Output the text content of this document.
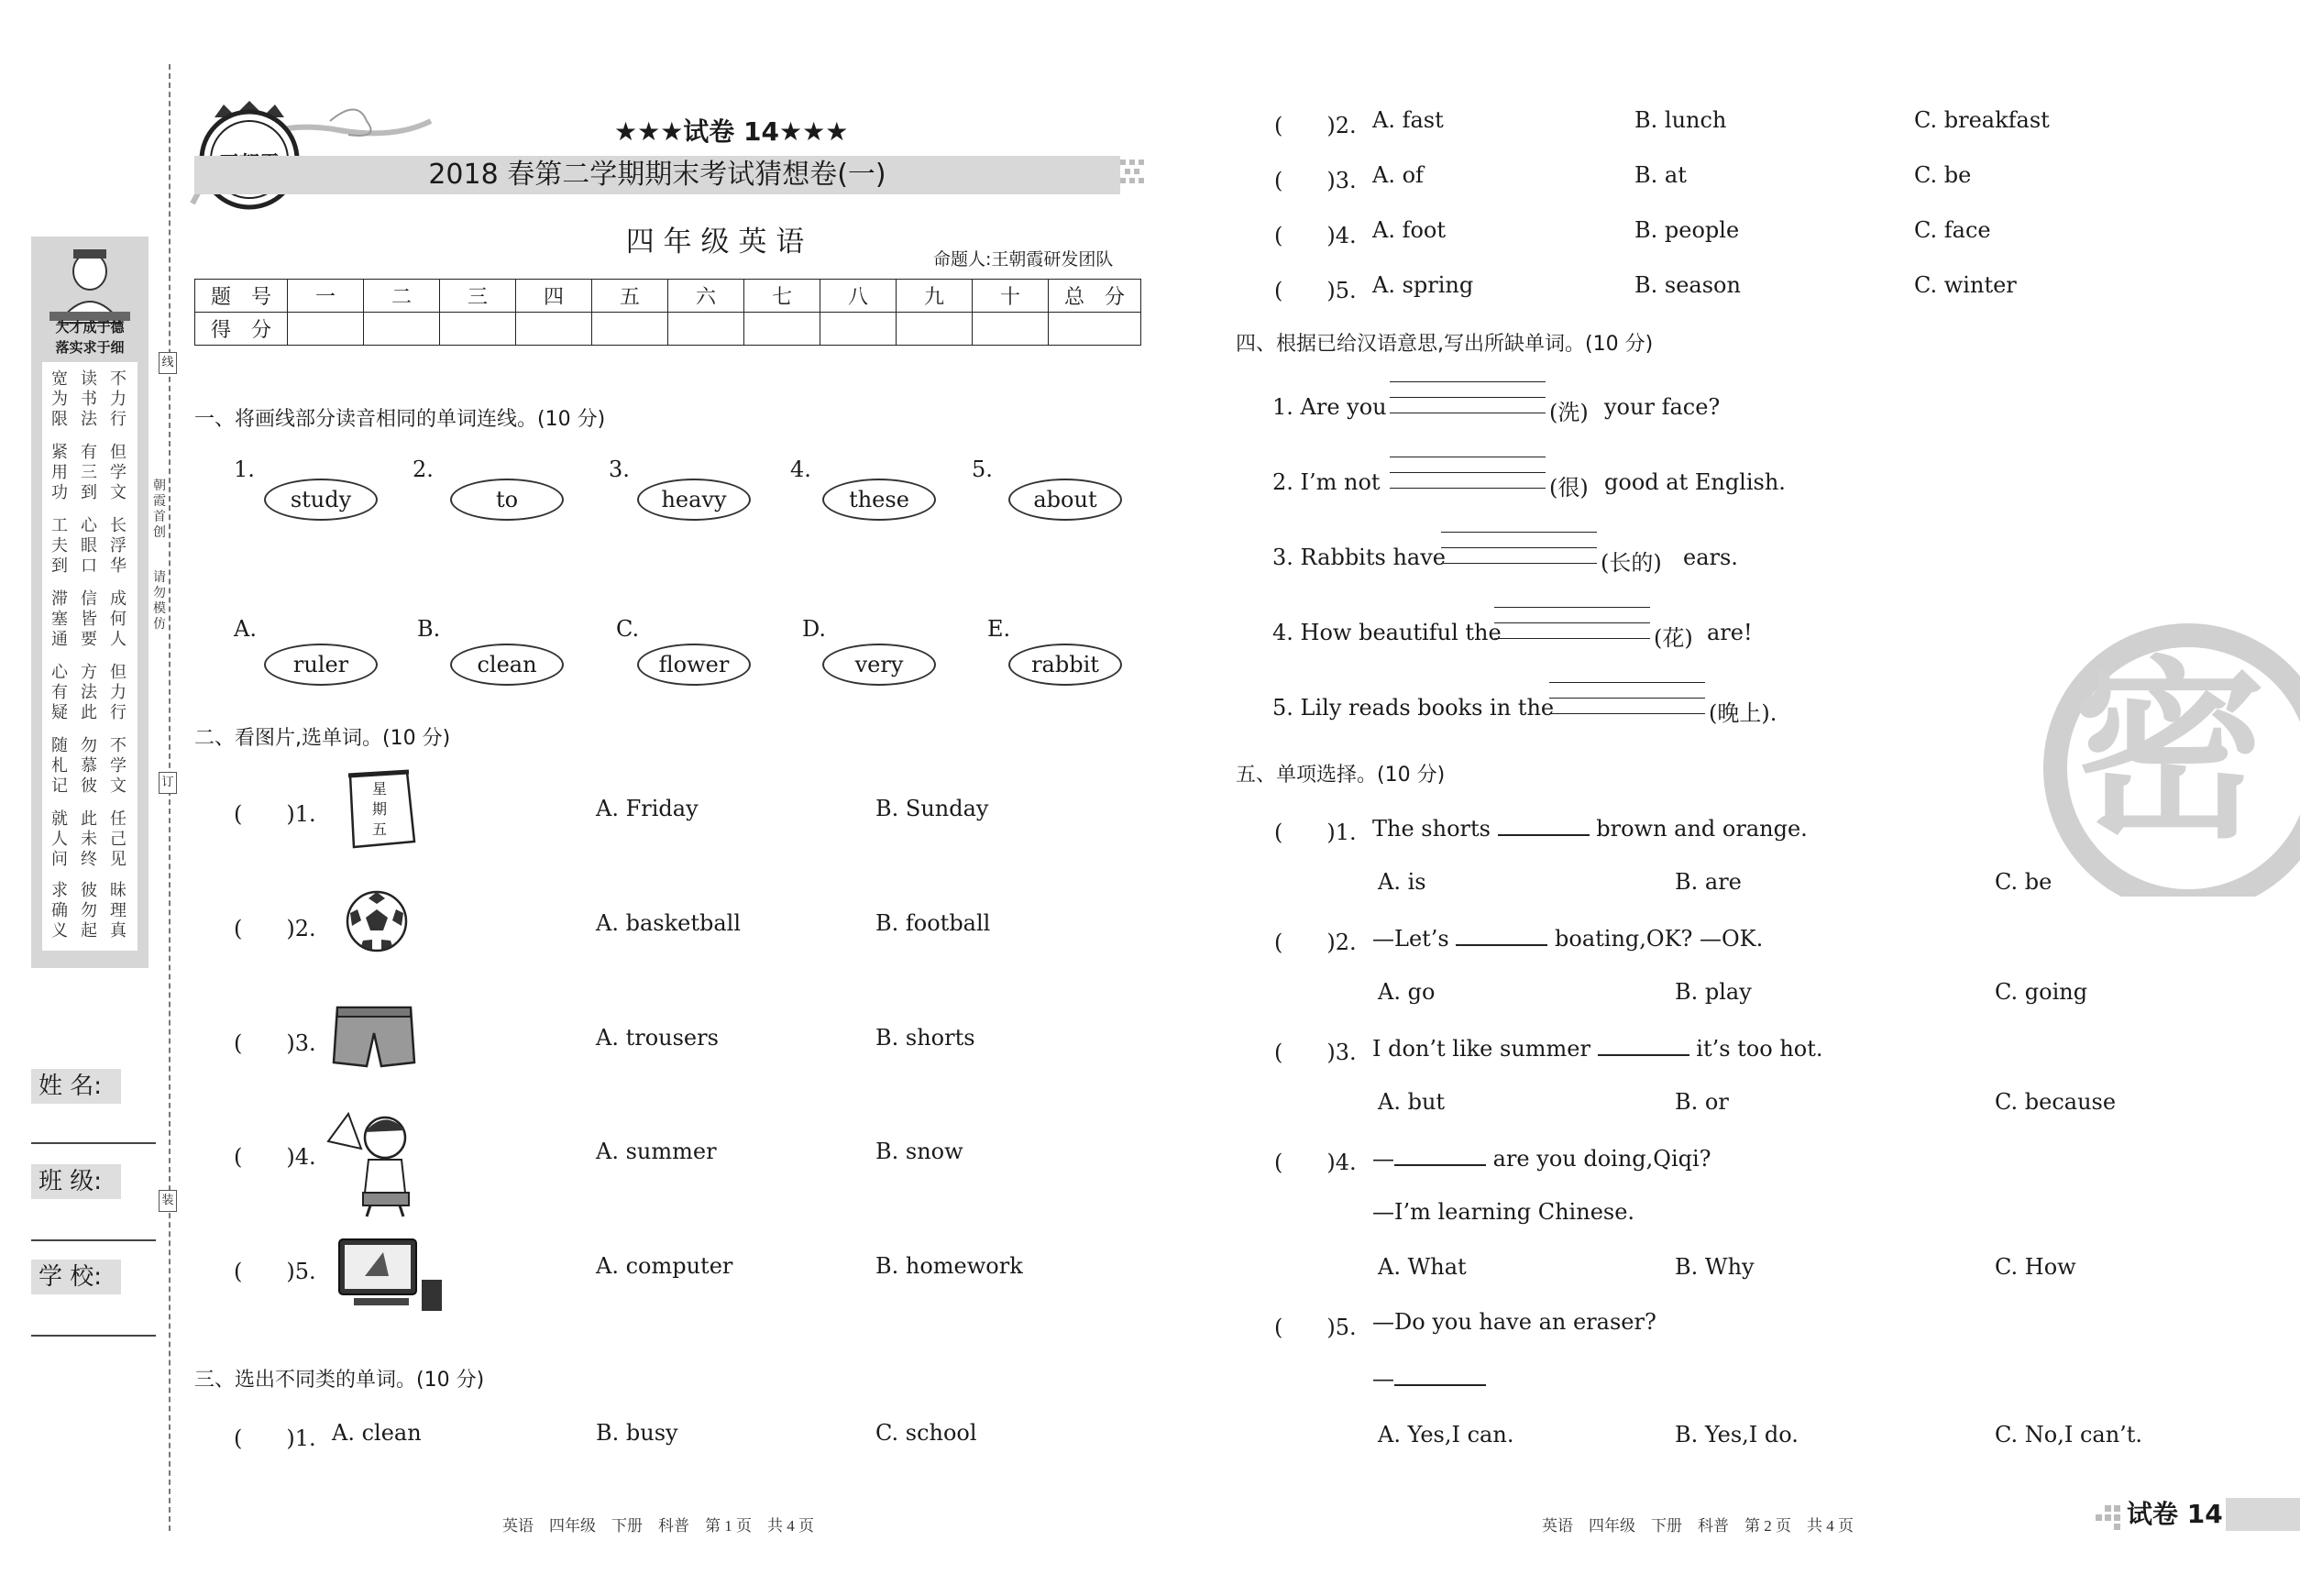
大才成于德
落实求于细
宽为限
读书法
不力行
紧用功
有三到
但学文
工夫到
心眼口
长浮华
滞塞通
信皆要
成何人
心有疑
方法此
但力行
随札记
勿慕彼
不学文
就人问
此未终
任己见
求确义
彼勿起
昧理真
姓 名:
班 级:
学 校:
线
订
装
朝霞首创
请勿模仿
★★★试卷 14★★★
2018 春第二学期期末考试猜想卷(一)
四 年 级 英 语
命题人:王朝霞研发团队
题　号	一	二	三	四	五	六	七	八	九	十	总　分
得　分											
一、将画线部分读音相同的单词连线。(10 分)
1.
study
2.
to
3.
heavy
4.
these
5.
about
A.
ruler
B.
clean
C.
flower
D.
very
E.
rabbit
二、看图片,选单词。(10 分)
(　　)1.
星期五
A. Friday	B. Sunday
(　　)2.	A. basketball	B. football
(　　)3.	A. trousers	B. shorts
(　　)4.	A. summer	B. snow
(　　)5.	A. computer	B. homework
三、选出不同类的单词。(10 分)
(　　)1. A. clean	B. busy	C. school
英语　四年级　下册　科普　第 1 页　共 4 页
(　　)2. A. fast	B. lunch	C. breakfast
(　　)3. A. of	B. at	C. be
(　　)4. A. foot	B. people	C. face
(　　)5. A. spring	B. season	C. winter
四、根据已给汉语意思,写出所缺单词。(10 分)
1. Are you	(洗) your face?
2. I’m not	(很) good at English.
3. Rabbits have	(长的) ears.
4. How beautiful the	(花) are!
5. Lily reads books in the	(晚上).
五、单项选择。(10 分)
(　　)1. The shorts	brown and orange.
A. is	B. are	C. be
(　　)2. —Let’s	boating,OK? —OK.
A. go	B. play	C. going
(　　)3. I don’t like summer	it’s too hot.
A. but	B. or	C. because
(　　)4. —	are you doing,Qiqi?
—I’m learning Chinese.
A. What	B. Why	C. How
(　　)5. —Do you have an eraser?
—
A. Yes,I can.	B. Yes,I do.	C. No,I can’t.
密
英语　四年级　下册　科普　第 2 页　共 4 页	试卷 14
